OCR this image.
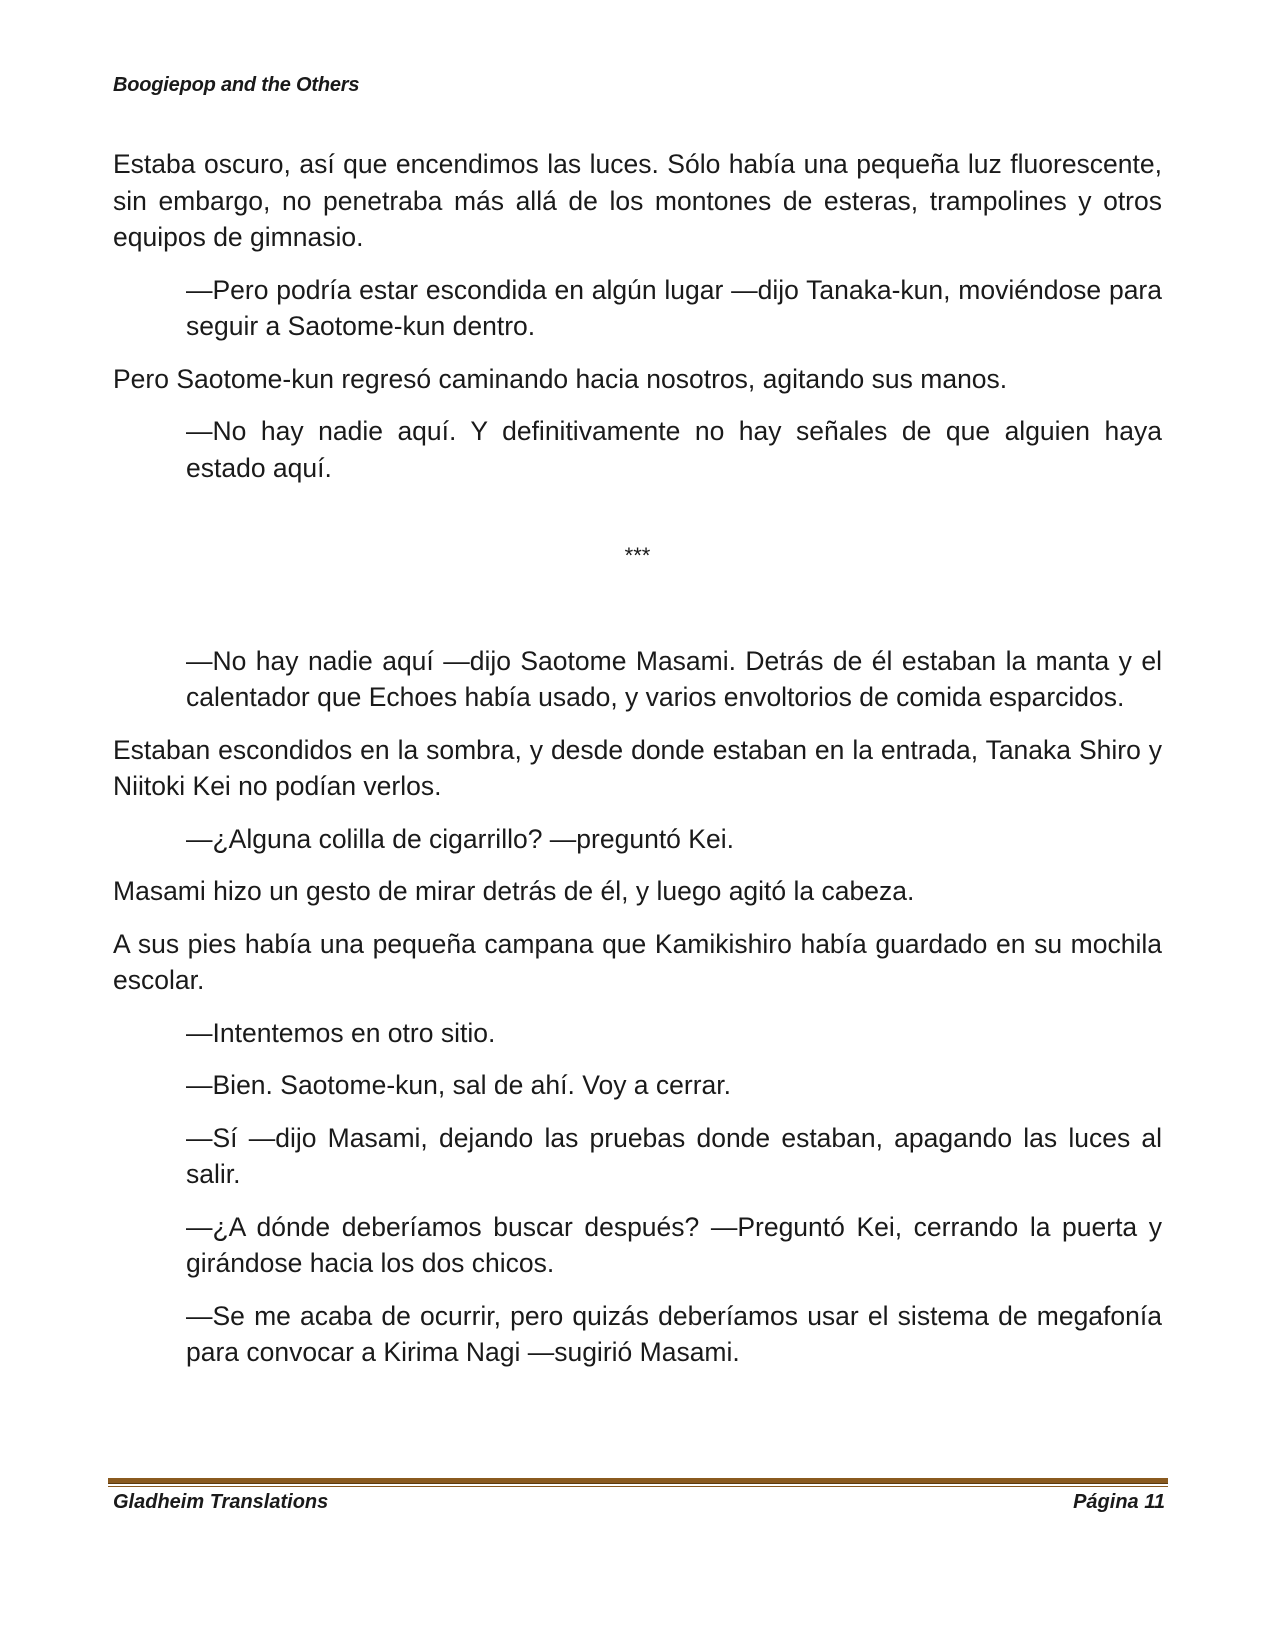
Boogiepop and the Others

Estaba oscuro, así que encendimos las luces. Sólo había una pequeña luz fluorescente, sin embargo, no penetraba más allá de los montones de esteras, trampolines y otros equipos de gimnasio.

—Pero podría estar escondida en algún lugar —dijo Tanaka-kun, moviéndose para seguir a Saotome-kun dentro.

Pero Saotome-kun regresó caminando hacia nosotros, agitando sus manos.

—No hay nadie aquí. Y definitivamente no hay señales de que alguien haya estado aquí.

***

—No hay nadie aquí —dijo Saotome Masami. Detrás de él estaban la manta y el calentador que Echoes había usado, y varios envoltorios de comida esparcidos.

Estaban escondidos en la sombra, y desde donde estaban en la entrada, Tanaka Shiro y Niitoki Kei no podían verlos.

—¿Alguna colilla de cigarrillo? —preguntó Kei.

Masami hizo un gesto de mirar detrás de él, y luego agitó la cabeza.

A sus pies había una pequeña campana que Kamikishiro había guardado en su mochila escolar.

—Intentemos en otro sitio.

—Bien. Saotome-kun, sal de ahí. Voy a cerrar.

—Sí —dijo Masami, dejando las pruebas donde estaban, apagando las luces al salir.

—¿A dónde deberíamos buscar después? —Preguntó Kei, cerrando la puerta y girándose hacia los dos chicos.

—Se me acaba de ocurrir, pero quizás deberíamos usar el sistema de megafonía para convocar a Kirima Nagi —sugirió Masami.

Gladheim Translations	Página 11
